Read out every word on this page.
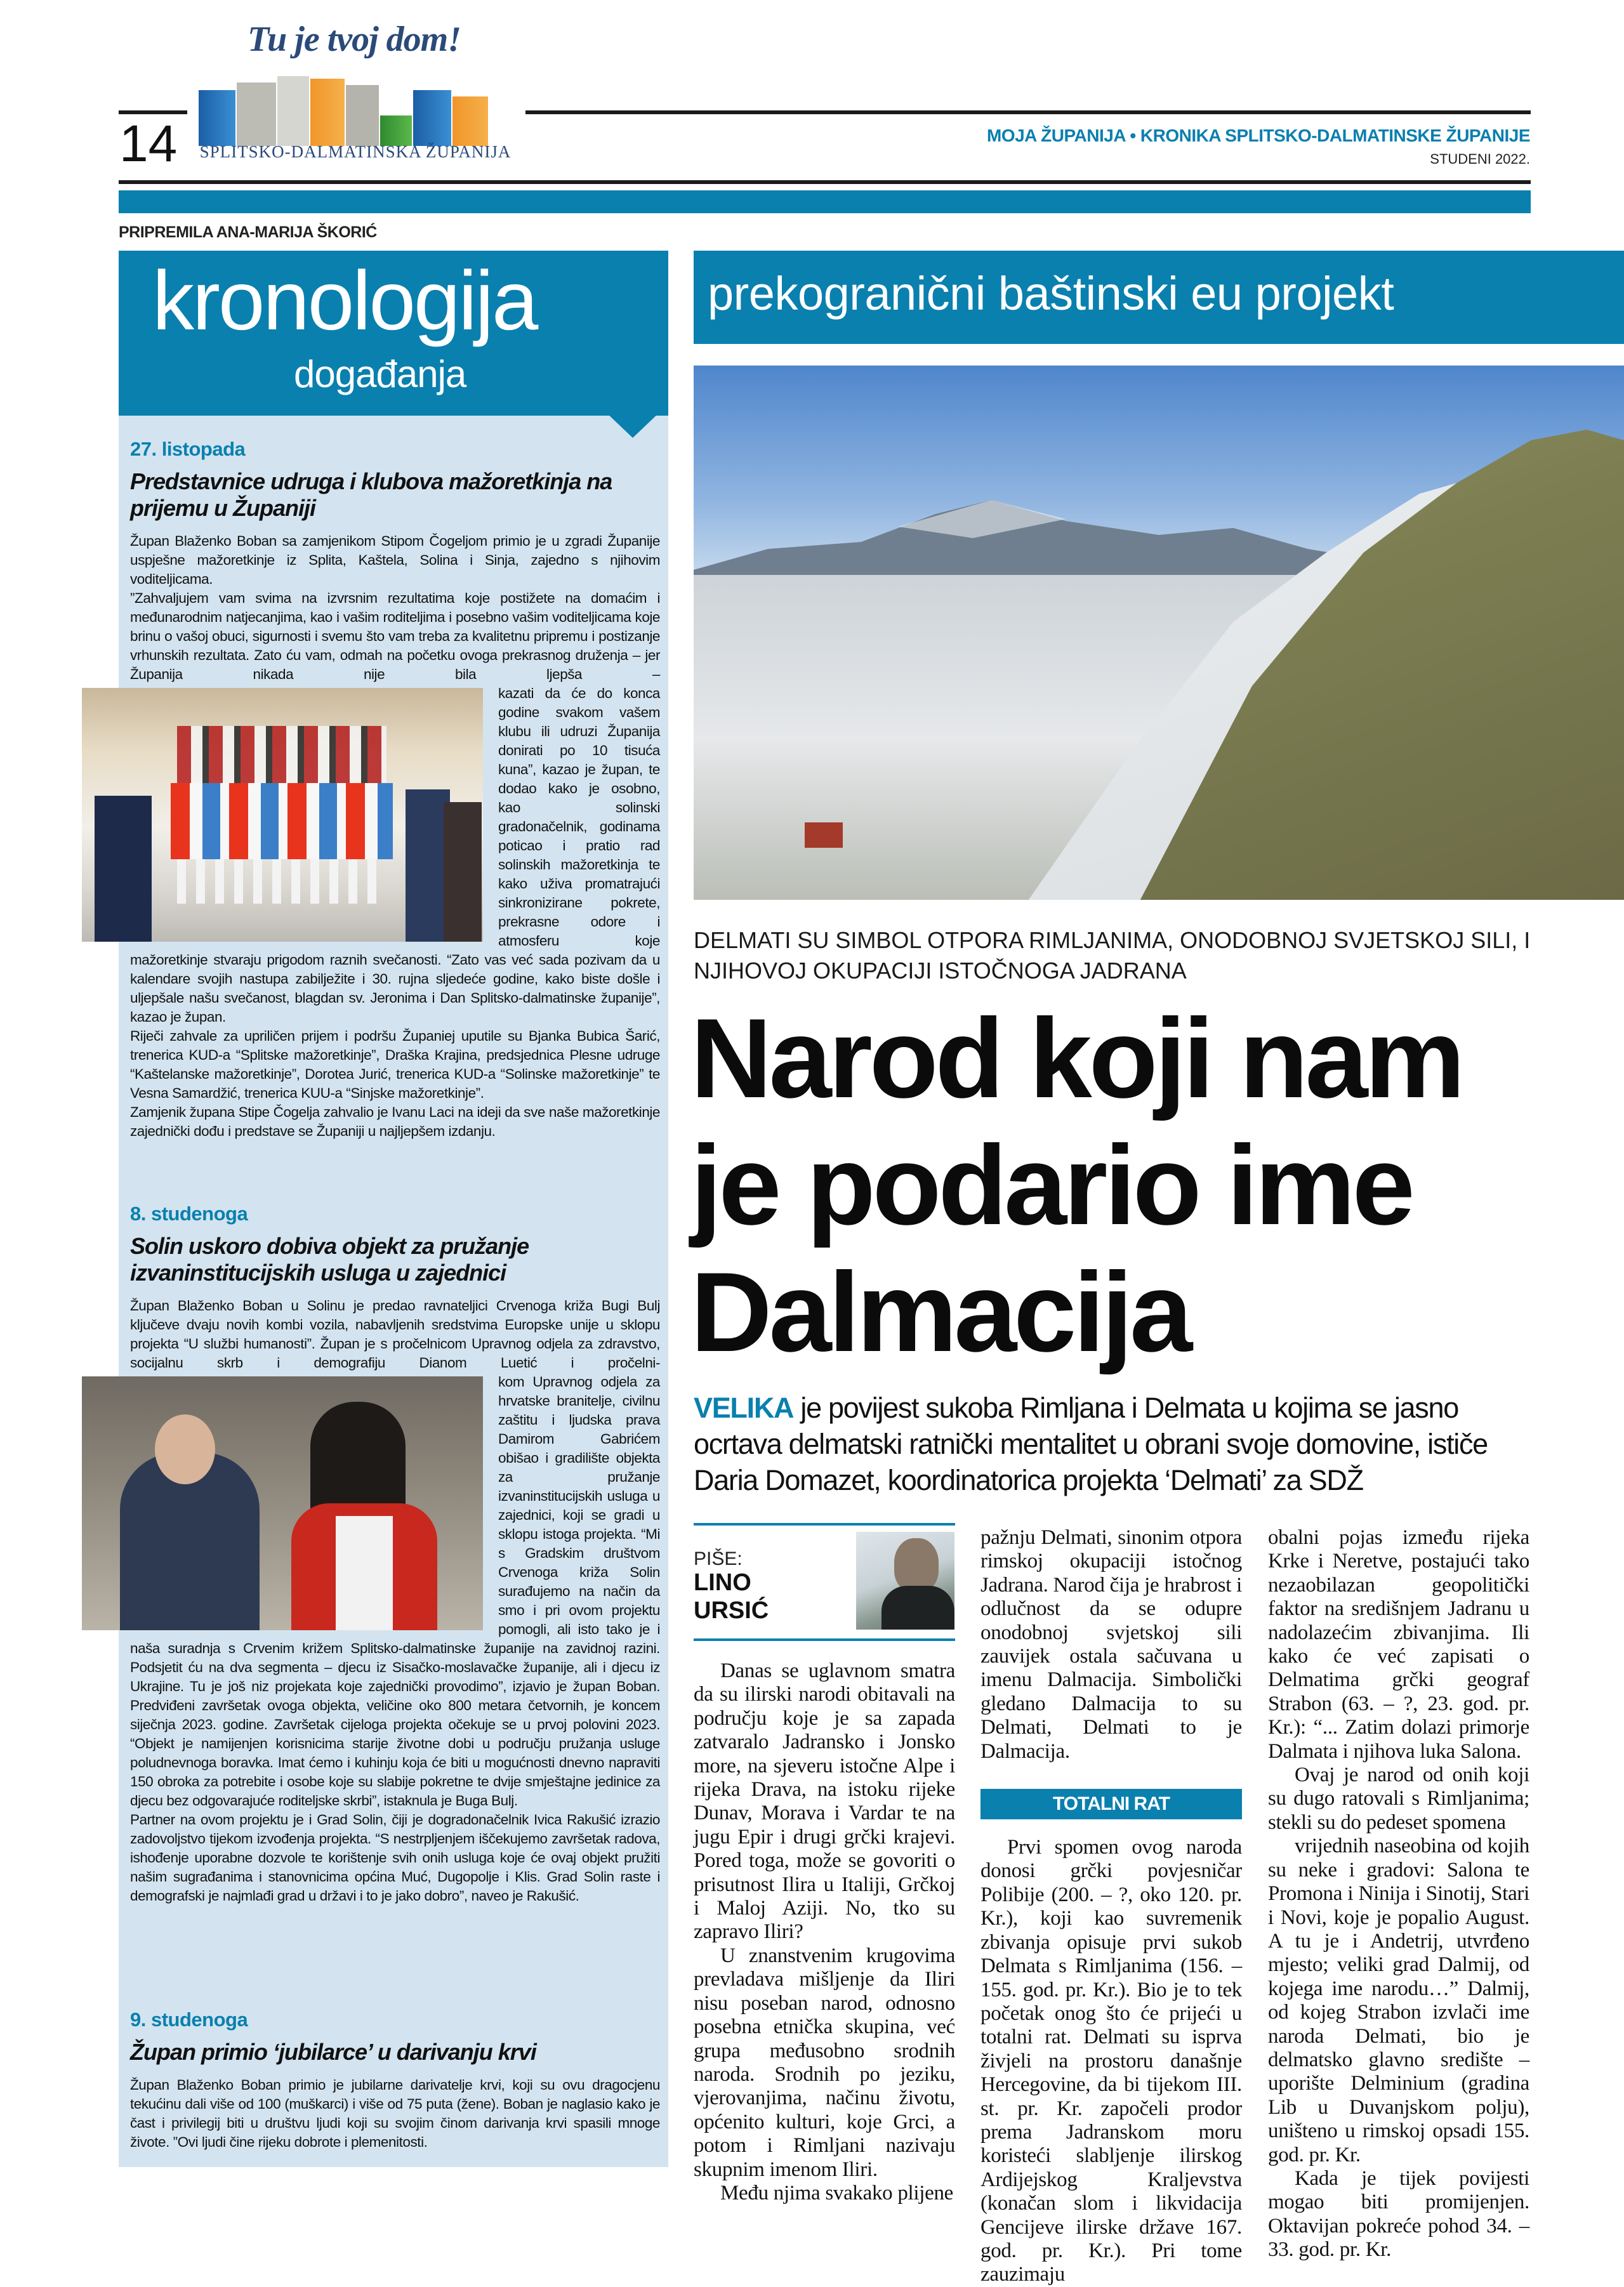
Tu je tvoj dom!
SPLITSKO-DALMATINSKA ŽUPANIJA
14	MOJA ŽUPANIJA • KRONIKA SPLITSKO-DALMATINSKE ŽUPANIJE
STUDENI 2022.
PRIPREMILA ANA-MARIJA ŠKORIĆ
kronologija
događanja
27. listopada
Predstavnice udruga i klubova mažoretkinja na prijemu u Županiji

Župan Blaženko Boban sa zamjenikom Stipom Čogeljom primio je u zgradi Županije uspješne mažoretkinje iz Splita, Kaštela, Solina i Sinja, zajedno s njihovim voditeljicama.

”Zahvaljujem vam svima na izvrsnim rezultatima koje postižete na domaćim i međunarodnim natjecanjima, kao i vašim roditeljima i posebno vašim voditeljicama koje brinu o vašoj obuci, sigurnosti i svemu što vam treba za kvalitetnu pripremu i postizanje vrhunskih rezultata. Zato ću vam, odmah na početku ovoga prekrasnog druženja – jer Županija nikada nije bila ljepša –

kazati da će do konca godine svakom vašem klubu ili udruzi Županija donirati po 10 tisuća kuna”, kazao je župan, te dodao kako je osobno, kao solinski gradonačelnik, godinama poticao i pratio rad solinskih mažoretkinja te kako uživa promatrajući sinkronizirane pokrete, prekrasne odore i atmosferu koje mažoretkinje stvaraju prigodom raznih svečanosti. “Zato vas već sada pozivam da u kalendare svojih nastupa zabilježite i 30. rujna sljedeće godine, kako biste došle i uljepšale našu svečanost, blagdan sv. Jeronima i Dan Splitsko-dalmatinske županije”, kazao je župan.

Riječi zahvale za upriličen prijem i podršu Županiej uputile su Bjanka Bubica Šarić, trenerica KUD-a “Splitske mažoretkinje”, Draška Krajina, predsjednica Plesne udruge “Kaštelanske mažoretkinje”, Dorotea Jurić, trenerica KUD-a “Solinske mažoretkinje” te Vesna Samardžić, trenerica KUU-a “Sinjske mažoretkinje”.

Zamjenik župana Stipe Čogelja zahvalio je Ivanu Laci na ideji da sve naše mažoretkinje zajednički dođu i predstave se Županiji u najljepšem izdanju.

8. studenoga
Solin uskoro dobiva objekt za pružanje izvaninstitucijskih usluga u zajednici

Župan Blaženko Boban u Solinu je predao ravnateljici Crvenoga križa Bugi Bulj ključeve dvaju novih kombi vozila, nabavljenih sredstvima Europske unije u sklopu projekta “U službi humanosti”. Župan je s pročelnicom Upravnog odjela za zdravstvo, socijalnu skrb i demografiju Dianom Luetić i pročelni-

kom Upravnog odjela za hrvatske branitelje, civilnu zaštitu i ljudska prava Damirom Gabrićem obišao i gradilište objekta za pružanje izvaninstitucijskih usluga u zajednici, koji se gradi u sklopu istoga projekta. “Mi s Gradskim društvom Crvenoga križa Solin surađujemo na način da smo i pri ovom projektu pomogli, ali isto tako je i naša suradnja s Crvenim križem Splitsko-dalmatinske županije na zavidnoj razini. Podsjetit ću na dva segmenta – djecu iz Sisačko-moslavačke županije, ali i djecu iz Ukrajine. Tu je još niz projekata koje zajednički provodimo”, izjavio je župan Boban. Predviđeni završetak ovoga objekta, veličine oko 800 metara četvornih, je koncem siječnja 2023. godine. Završetak cijeloga projekta očekuje se u prvoj polovini 2023. “Objekt je namijenjen korisnicima starije životne dobi u području pružanja usluge poludnevnoga boravka. Imat ćemo i kuhinju koja će biti u mogućnosti dnevno napraviti 150 obroka za potrebite i osobe koje su slabije pokretne te dvije smještajne jedinice za djecu bez odgovarajuće roditeljske skrbi”, istaknula je Buga Bulj.

Partner na ovom projektu je i Grad Solin, čiji je dogradonačelnik Ivica Rakušić izrazio zadovoljstvo tijekom izvođenja projekta. “S nestrpljenjem iščekujemo završetak radova, ishođenje uporabne dozvole te korištenje svih onih usluga koje će ovaj objekt pružiti našim sugrađanima i stanovnicima općina Muć, Dugopolje i Klis. Grad Solin raste i demografski je najmlađi grad u državi i to je jako dobro”, naveo je Rakušić.

9. studenoga
Župan primio ‘jubilarce’ u darivanju krvi

Župan Blaženko Boban primio je jubilarne darivatelje krvi, koji su ovu dragocjenu tekućinu dali više od 100 (muškarci) i više od 75 puta (žene). Boban je naglasio kako je čast i privilegij biti u društvu ljudi koji su svojim činom darivanja krvi spasili mnoge živote. ”Ovi ljudi čine rijeku dobrote i plemenitosti.

prekogranični baštinski eu projekt
DELMATI SU SIMBOL OTPORA RIMLJANIMA, ONODOBNOJ SVJETSKOJ SILI, I NJIHOVOJ OKUPACIJI ISTOČNOGA JADRANA
Narod koji nam
je podario ime
Dalmacija
VELIKA je povijest sukoba Rimljana i Delmata u kojima se jasno ocrtava delmatski ratnički mentalitet u obrani svoje domovine, ističe Daria Domazet, koordinatorica projekta ‘Delmati’ za SDŽ
PIŠE:
LINO
URSIĆ

Danas se uglavnom smatra da su ilirski narodi obitavali na području koje je sa zapada zatvaralo Jadransko i Jonsko more, na sjeveru istočne Alpe i rijeka Drava, na istoku rijeke Dunav, Morava i Vardar te na jugu Epir i drugi grčki krajevi. Pored toga, može se govoriti o prisutnost Ilira u Italiji, Grčkoj i Maloj Aziji. No, tko su zapravo Iliri?

U znanstvenim krugovima prevladava mišljenje da Iliri nisu poseban narod, odnosno posebna etnička skupina, već grupa međusobno srodnih naroda. Srodnih po jeziku, vjerovanjima, načinu životu, općenito kulturi, koje Grci, a potom i Rimljani nazivaju skupnim imenom Iliri.

Među njima svakako plijene

pažnju Delmati, sinonim otpora rimskoj okupaciji istočnog Jadrana. Narod čija je hrabrost i odlučnost da se odupre onodobnoj svjetskoj sili zauvijek ostala sačuvana u imenu Dalmacija. Simbolički gledano Dalmacija to su Delmati, Delmati to je Dalmacija.

TOTALNI RAT

Prvi spomen ovog naroda donosi grčki povjesničar Polibije (200. – ?, oko 120. pr. Kr.), koji kao suvremenik zbivanja opisuje prvi sukob Delmata s Rimljanima (156. – 155. god. pr. Kr.). Bio je to tek početak onog što će prijeći u totalni rat. Delmati su isprva živjeli na prostoru današnje Hercegovine, da bi tijekom III. st. pr. Kr. započeli prodor prema Jadranskom moru koristeći slabljenje ilirskog Ardijejskog Kraljevstva (konačan slom i likvidacija Gencijeve ilirske države 167. god. pr. Kr.). Pri tome zauzimaju

obalni pojas između rijeka Krke i Neretve, postajući tako nezaobilazan geopolitički faktor na središnjem Jadranu u nadolazećim zbivanjima. Ili kako će već zapisati o Delmatima grčki geograf Strabon (63. – ?, 23. god. pr. Kr.): “... Zatim dolazi primorje Dalmata i njihova luka Salona.

Ovaj je narod od onih koji su dugo ratovali s Rimljanima; stekli su do pedeset spomena

vrijednih naseobina od kojih su neke i gradovi: Salona te Promona i Ninija i Sinotij, Stari i Novi, koje je popalio August. A tu je i Andetrij, utvrđeno mjesto; veliki grad Dalmij, od kojega ime narodu…” Dalmij, od kojeg Strabon izvlači ime naroda Delmati, bio je delmatsko glavno središte – uporište Delminium (gradina Lib u Duvanjskom polju), uništeno u rimskoj opsadi 155. god. pr. Kr.

Kada je tijek povijesti mogao biti promijenjen. Oktavijan pokreće pohod 34. – 33. god. pr. Kr.
